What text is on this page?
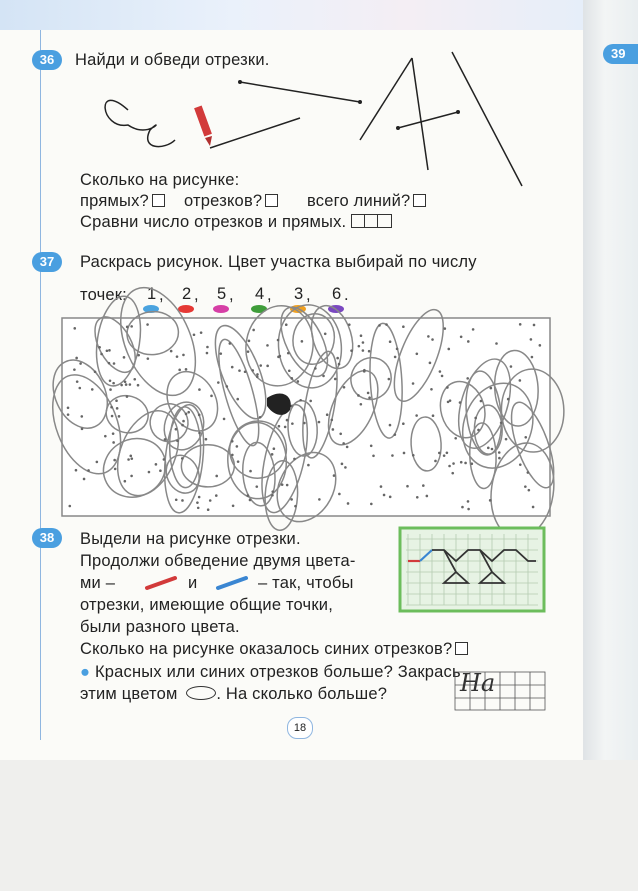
39
36	Найди и обведи отрезки.
Сколько на рисунке:
прямых? отрезков?	всего линий?
Сравни число отрезков и прямых.
37	Раскрась рисунок. Цвет участка выбирай по числу
точек: 1 2 5 4 3 6
, , , , , .
38	Выдели на рисунке отрезки.
Продолжи обведение двумя цвета-
ми –	и	– так, чтобы
отрезки, имеющие общие точки,
были разного цвета.
Сколько на рисунке оказалось синих отрезков?
● Красных или синих отрезков больше? Закрась
этим цветом . На сколько больше?	На
18
